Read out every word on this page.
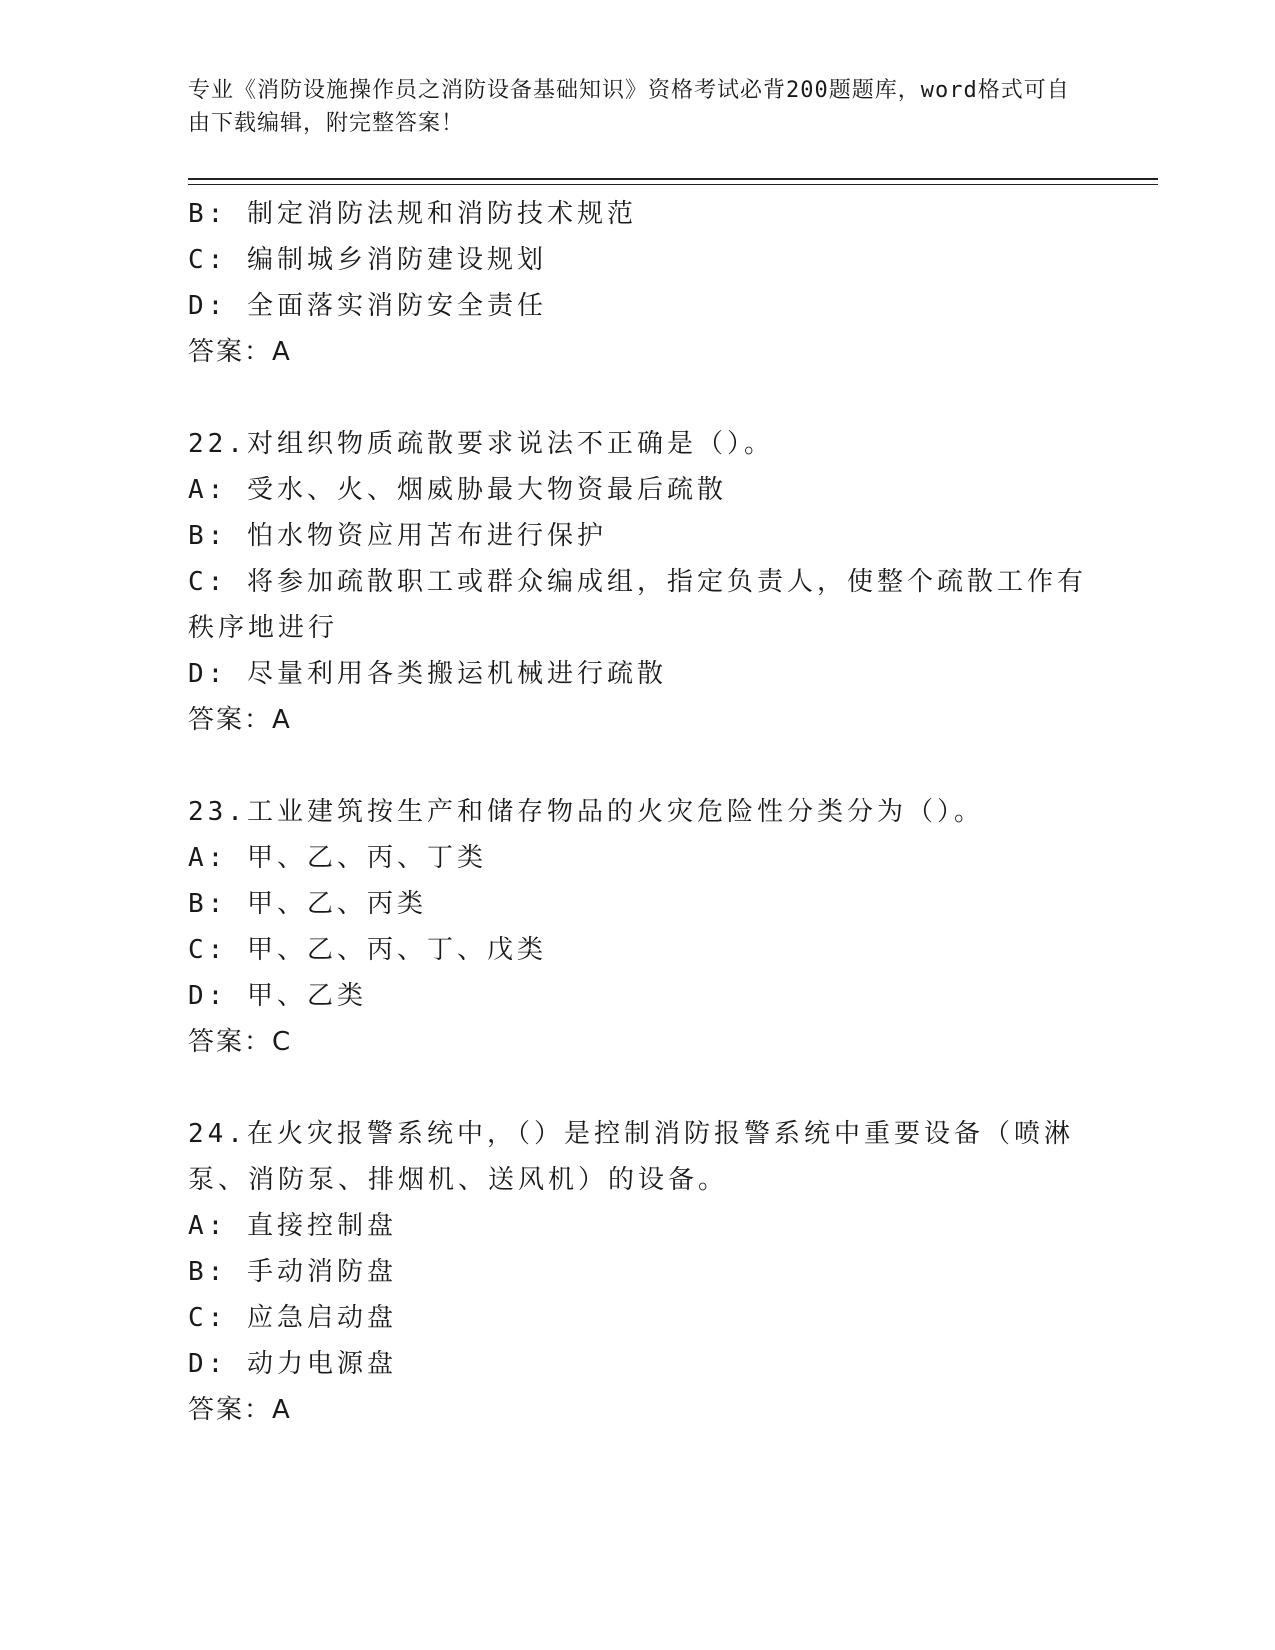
专业《消防设施操作员之消防设备基础知识》资格考试必背200题题库，word格式可自由下载编辑，附完整答案！
B: 制定消防法规和消防技术规范
C: 编制城乡消防建设规划
D: 全面落实消防安全责任
答案：A
22.对组织物质疏散要求说法不正确是（）。
A: 受水、火、烟威胁最大物资最后疏散
B: 怕水物资应用苫布进行保护
C: 将参加疏散职工或群众编成组，指定负责人，使整个疏散工作有秩序地进行
D: 尽量利用各类搬运机械进行疏散
答案：A
23.工业建筑按生产和储存物品的火灾危险性分类分为（）。
A: 甲、乙、丙、丁类
B: 甲、乙、丙类
C: 甲、乙、丙、丁、戊类
D: 甲、乙类
答案：C
24.在火灾报警系统中，（）是控制消防报警系统中重要设备（喷淋泵、消防泵、排烟机、送风机）的设备。
A: 直接控制盘
B: 手动消防盘
C: 应急启动盘
D: 动力电源盘
答案：A
